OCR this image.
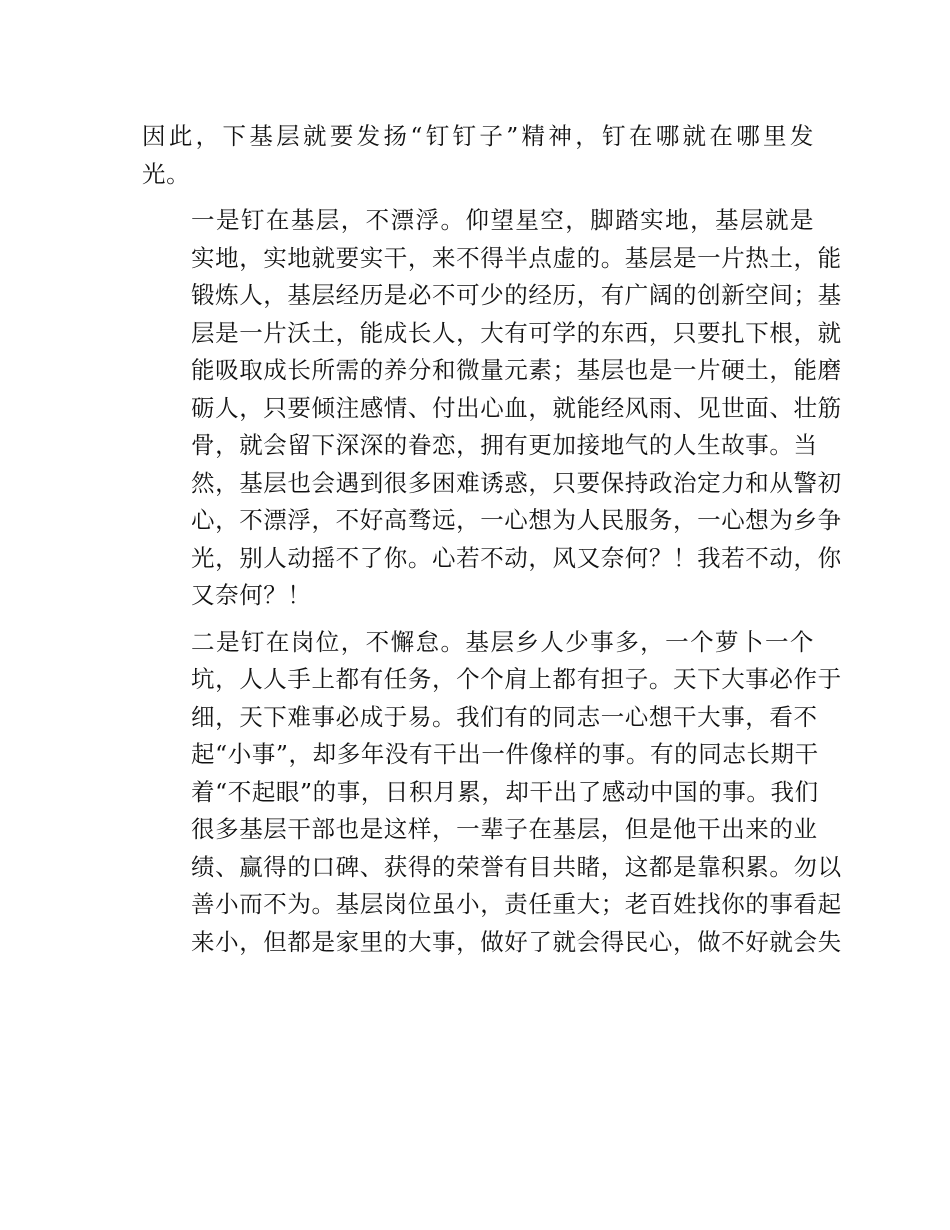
因此，下基层就要发扬“钉钉子”精神，钉在哪就在哪里发
光。

一是钉在基层，不漂浮。仰望星空，脚踏实地，基层就是
实地，实地就要实干，来不得半点虚的。基层是一片热土，能
锻炼人，基层经历是必不可少的经历，有广阔的创新空间；基
层是一片沃土，能成长人，大有可学的东西，只要扎下根，就
能吸取成长所需的养分和微量元素；基层也是一片硬土，能磨
砺人，只要倾注感情、付出心血，就能经风雨、见世面、壮筋
骨，就会留下深深的眷恋，拥有更加接地气的人生故事。当
然，基层也会遇到很多困难诱惑，只要保持政治定力和从警初
心，不漂浮，不好高骛远，一心想为人民服务，一心想为乡争
光，别人动摇不了你。心若不动，风又奈何？！我若不动，你
又奈何？！

二是钉在岗位，不懈怠。基层乡人少事多，一个萝卜一个
坑，人人手上都有任务，个个肩上都有担子。天下大事必作于
细，天下难事必成于易。我们有的同志一心想干大事，看不
起“小事”，却多年没有干出一件像样的事。有的同志长期干
着“不起眼”的事，日积月累，却干出了感动中国的事。我们
很多基层干部也是这样，一辈子在基层，但是他干出来的业
绩、赢得的口碑、获得的荣誉有目共睹，这都是靠积累。勿以
善小而不为。基层岗位虽小，责任重大；老百姓找你的事看起
来小，但都是家里的大事，做好了就会得民心，做不好就会失
